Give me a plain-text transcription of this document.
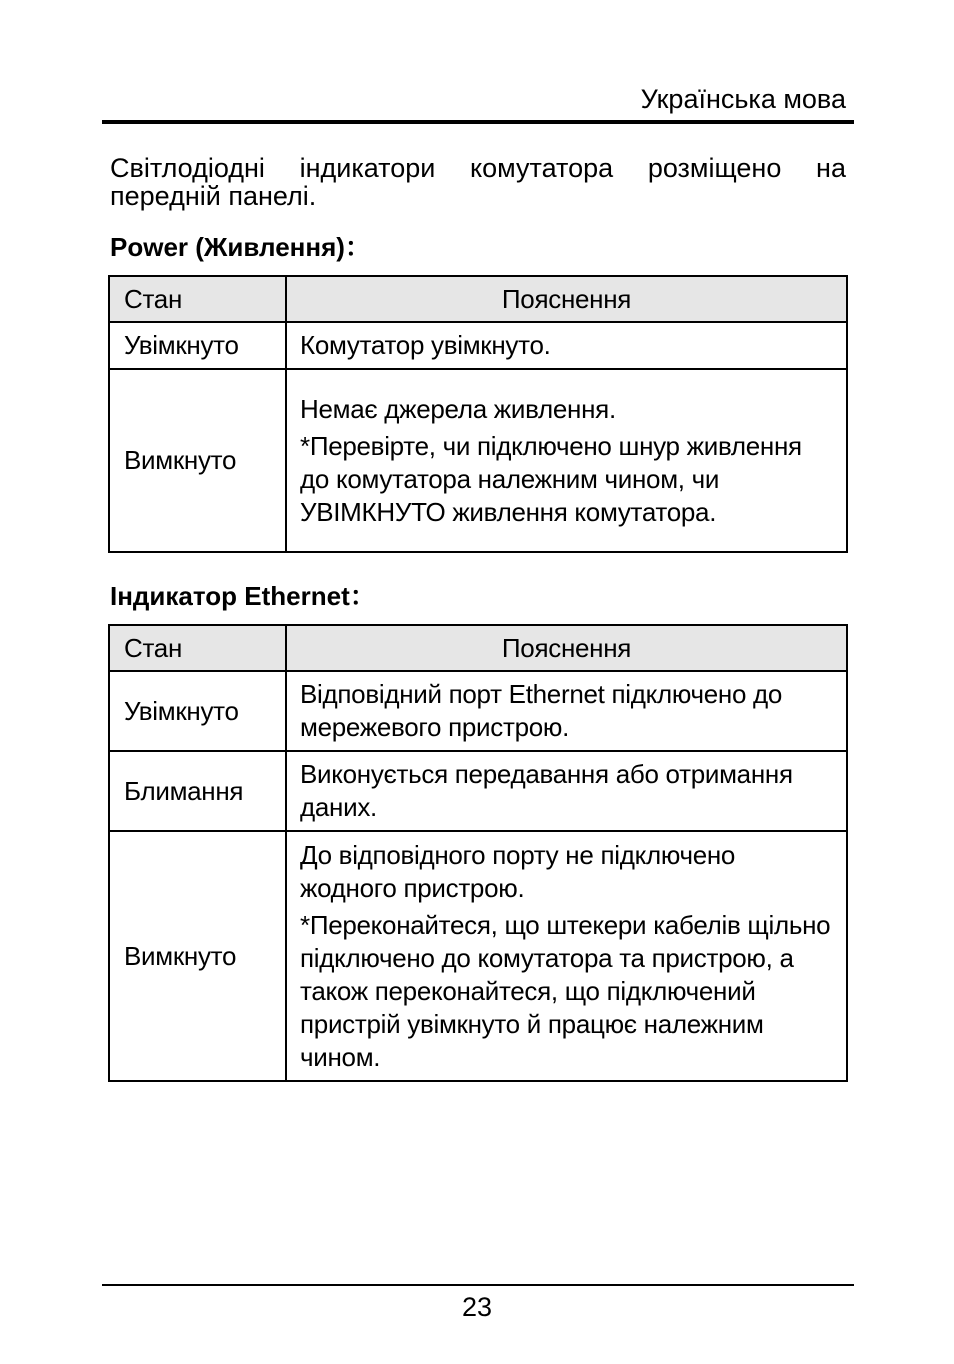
Українська мова
Світлодіодні індикатори комутатора розміщено на
передній панелі.
Power (Живлення)：
Стан	Пояснення
Увімкнуто	Комутатор увімкнуто.

Вимкнуто	Немає джерела живлення.

*Перевірте, чи підключено шнур живлення до комутатора належним чином, чи УВІМКНУТО живлення комутатора.

Індикатор Ethernet：
Стан	Пояснення
Увімкнуто	Відповідний порт Ethernet підключено до мережевого пристрою.

Блимання	Виконується передавання або отримання даних.

Вимкнуто	До відповідного порту не підключено жодного пристрою.

*Переконайтеся, що штекери кабелів щільно підключено до комутатора та пристрою, а також переконайтеся, що підключений пристрій увімкнуто й працює належним чином.

23
